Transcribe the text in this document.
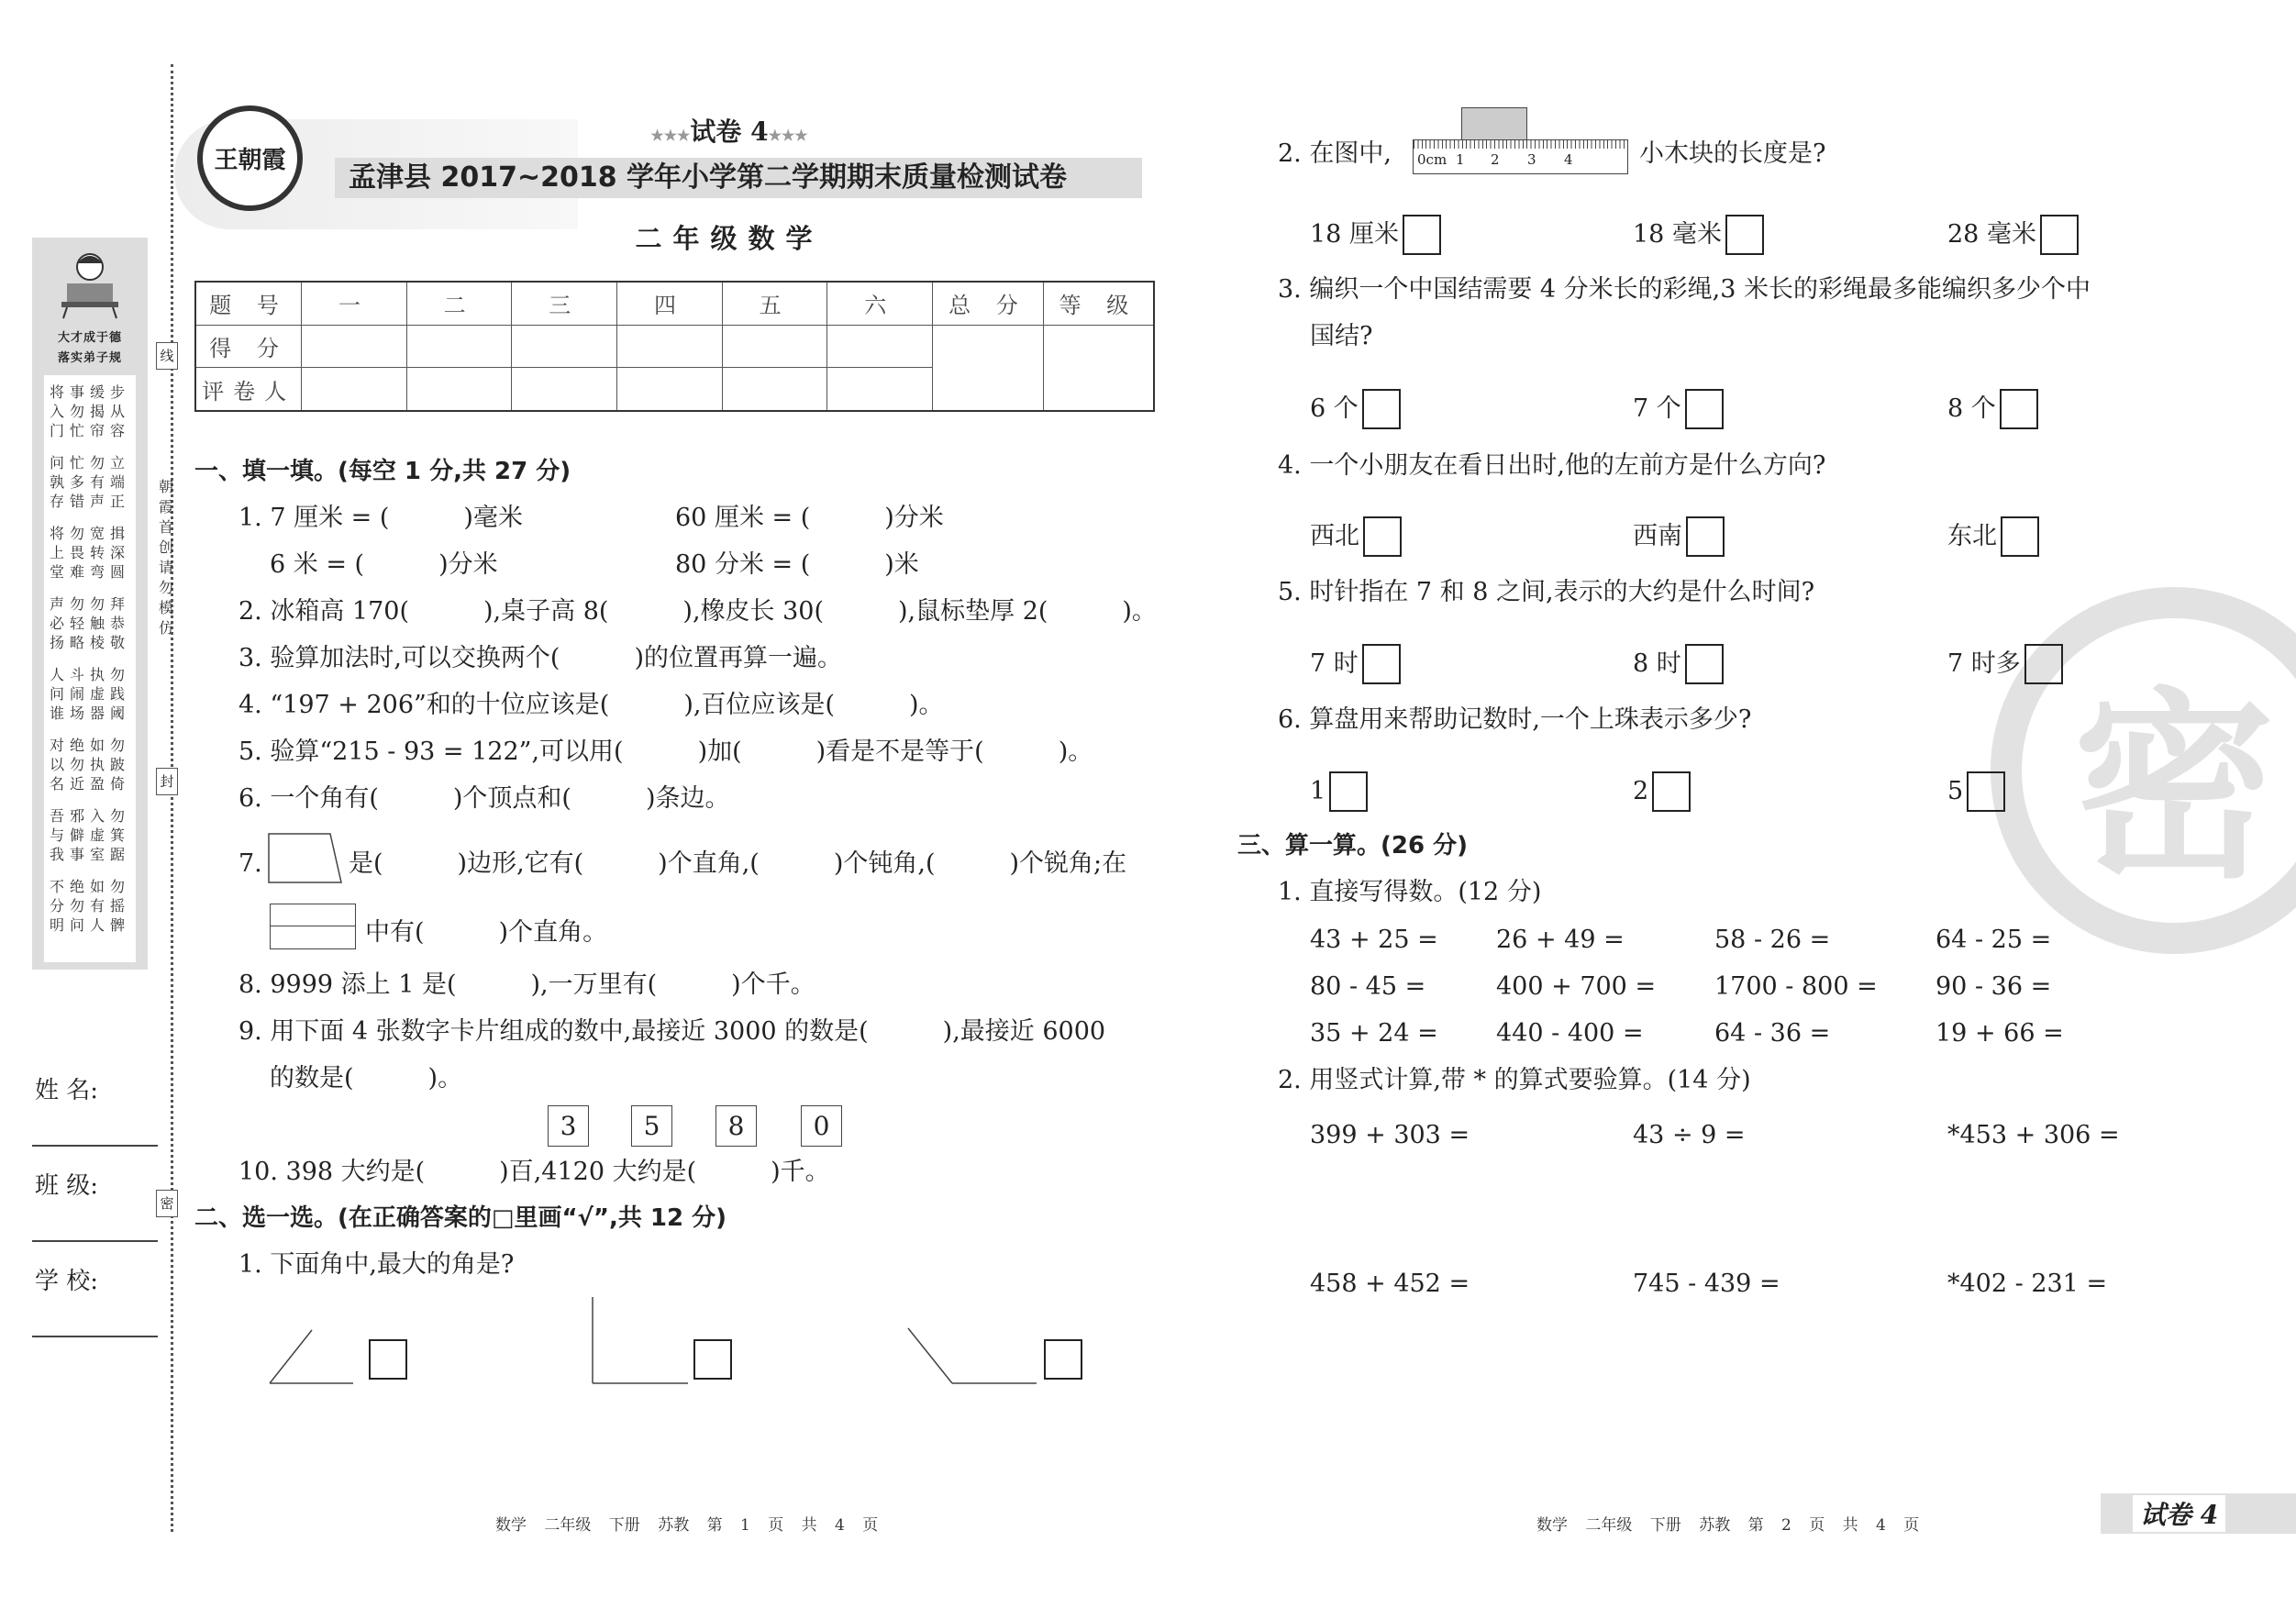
线
封
密
朝霞首创 请勿模仿
大才成于德
落实弟子规
将事缓步
入勿揭从
门忙帘容
问忙勿立
孰多有端
存错声正
将勿宽揖
上畏转深
堂难弯圆
声勿勿拜
必轻触恭
扬略棱敬
人斗执勿
问闹虚践
谁场器阈
对绝如勿
以勿执跛
名近盈倚
吾邪入勿
与僻虚箕
我事室踞
不绝如勿
分勿有摇
明问人髀
姓 名:
班 级:
学 校:
王朝霞
★★★试卷 4★★★
孟津县 2017~2018 学年小学第二学期期末质量检测试卷
二年级数学
题 号	一	二	三	四	五	六	总 分	等 级
得 分								
评卷人								
一、填一填。(每空 1 分,共 27 分)
1. 7 厘米 = (　　　)毫米	60 厘米 = (　　　)分米
6 米 = (　　　)分米	80 分米 = (　　　)米
2. 冰箱高 170(　　　),桌子高 8(　　　),橡皮长 30(　　　),鼠标垫厚 2(　　　)。
3. 验算加法时,可以交换两个(　　　)的位置再算一遍。
4. “197 + 206”和的十位应该是(　　　),百位应该是(　　　)。
5. 验算“215 - 93 = 122”,可以用(　　　)加(　　　)看是不是等于(　　　)。
6. 一个角有(　　　)个顶点和(　　　)条边。
7.	是(　　　)边形,它有(　　　)个直角,(　　　)个钝角,(　　　)个锐角;在
中有(　　　)个直角。
8. 9999 添上 1 是(　　　),一万里有(　　　)个千。
9. 用下面 4 张数字卡片组成的数中,最接近 3000 的数是(　　　),最接近 6000
的数是(　　　)。
3	5	8	0
10. 398 大约是(　　　)百,4120 大约是(　　　)千。
二、选一选。(在正确答案的□里画“√”,共 12 分)
1. 下面角中,最大的角是?
密
2. 在图中, 0cm 1 2 3 4	小木块的长度是?
18 厘米	18 毫米	28 毫米
6 个	7 个	8 个
西北	西南	东北
7 时	8 时	7 时多
1	2	5
3. 编织一个中国结需要 4 分米长的彩绳,3 米长的彩绳最多能编织多少个中
国结?
4. 一个小朋友在看日出时,他的左前方是什么方向?
5. 时针指在 7 和 8 之间,表示的大约是什么时间?
6. 算盘用来帮助记数时,一个上珠表示多少?
三、算一算。(26 分)
1. 直接写得数。(12 分)
43 + 25 = 26 + 49 =	58 - 26 =	64 - 25 =
80 - 45 =	400 + 700 = 1700 - 800 = 90 - 36 =
35 + 24 = 440 - 400 =	64 - 36 =	19 + 66 =
2. 用竖式计算,带 * 的算式要验算。(14 分)
399 + 303 =	43 ÷ 9 =	*453 + 306 =
458 + 452 =	745 - 439 =	*402 - 231 =
数学 二年级 下册 苏教 第 1 页 共 4 页	数学 二年级 下册 苏教 第 2 页 共 4 页	试卷 4
